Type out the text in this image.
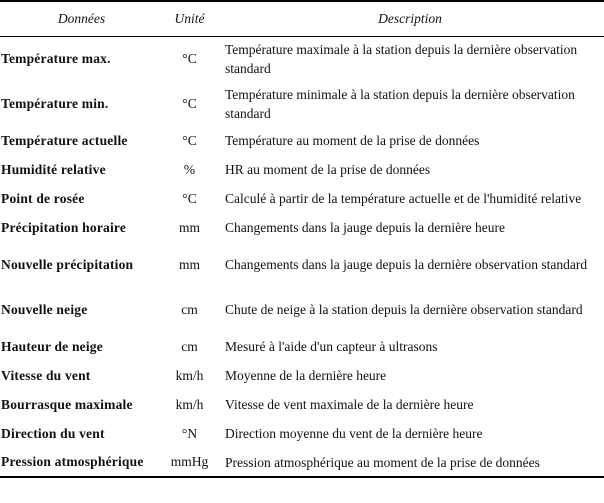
Données	Unité	Description
Température max.	°C	Température maximale à la station depuis la dernière observation standard
Température min.	°C	Température minimale à la station depuis la dernière observation standard
Température actuelle	°C	Température au moment de la prise de données
Humidité relative	%	HR au moment de la prise de données
Point de rosée	°C	Calculé à partir de la température actuelle et de l'humidité relative
Précipitation horaire	mm	Changements dans la jauge depuis la dernière heure
Nouvelle précipitation	mm	Changements dans la jauge depuis la dernière observation standard
Nouvelle neige	cm	Chute de neige à la station depuis la dernière observation standard
Hauteur de neige	cm	Mesuré à l'aide d'un capteur à ultrasons
Vitesse du vent	km/h	Moyenne de la dernière heure
Bourrasque maximale	km/h	Vitesse de vent maximale de la dernière heure
Direction du vent	°N	Direction moyenne du vent de la dernière heure
Pression atmosphérique	mmHg	Pression atmosphérique au moment de la prise de données
